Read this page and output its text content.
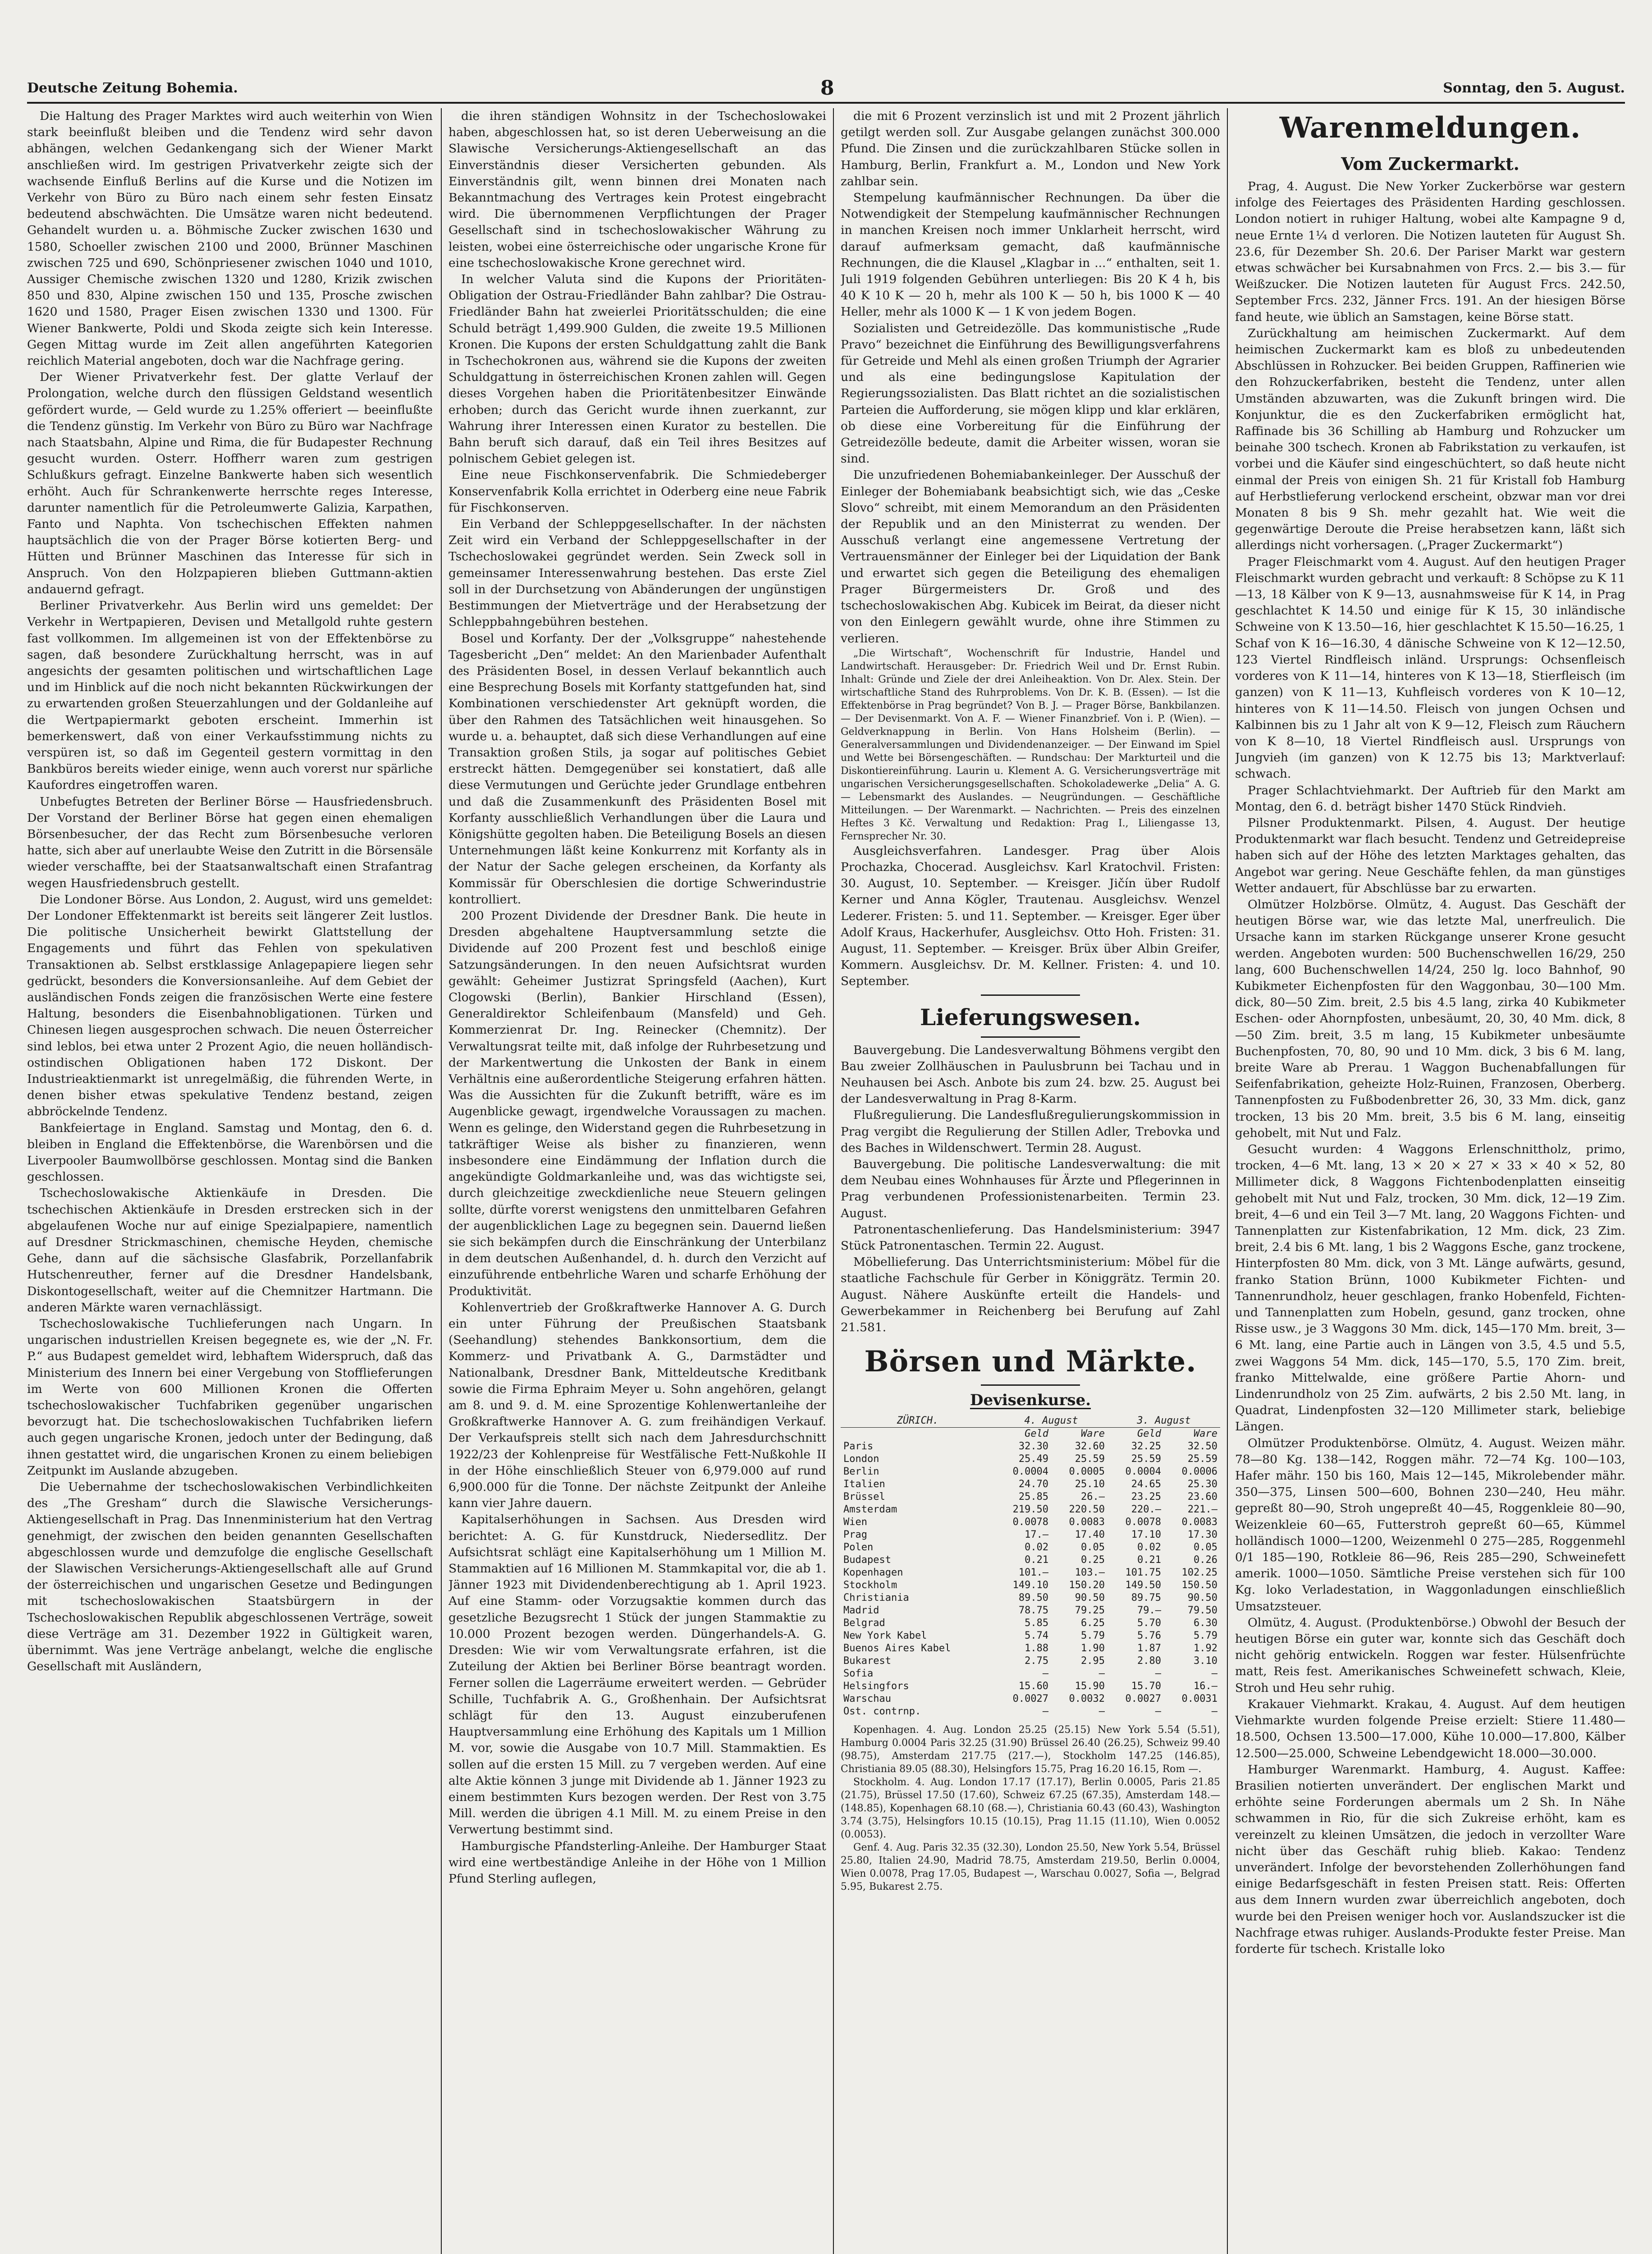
Deutsche Zeitung Bohemia.	8	Sonntag, den 5. August.

Die Haltung des Prager Marktes wird auch weiterhin von Wien stark beeinflußt bleiben und die Tendenz wird sehr davon abhängen, welchen Gedankengang sich der Wiener Markt anschließen wird. Im gestrigen Privatverkehr zeigte sich der wachsende Einfluß Berlins auf die Kurse und die Notizen im Verkehr von Büro zu Büro nach einem sehr festen Einsatz bedeutend abschwächten. Die Umsätze waren nicht bedeutend. Gehandelt wurden u. a. Böhmische Zucker zwischen 1630 und 1580, Schoeller zwischen 2100 und 2000, Brünner Maschinen zwischen 725 und 690, Schönpriesener zwischen 1040 und 1010, Aussiger Chemische zwischen 1320 und 1280, Krizik zwischen 850 und 830, Alpine zwischen 150 und 135, Prosche zwischen 1620 und 1580, Prager Eisen zwischen 1330 und 1300. Für Wiener Bankwerte, Poldi und Skoda zeigte sich kein Interesse. Gegen Mittag wurde im Zeit allen angeführten Kategorien reichlich Material angeboten, doch war die Nachfrage gering.

Der Wiener Privatverkehr fest. Der glatte Verlauf der Prolongation, welche durch den flüssigen Geldstand wesentlich gefördert wurde, — Geld wurde zu 1.25% offeriert — beeinflußte die Tendenz günstig. Im Verkehr von Büro zu Büro war Nachfrage nach Staatsbahn, Alpine und Rima, die für Budapester Rechnung gesucht wurden. Osterr. Hoffherr waren zum gestrigen Schlußkurs gefragt. Einzelne Bankwerte haben sich wesentlich erhöht. Auch für Schrankenwerte herrschte reges Interesse, darunter namentlich für die Petroleumwerte Galizia, Karpathen, Fanto und Naphta. Von tschechischen Effekten nahmen hauptsächlich die von der Prager Börse kotierten Berg- und Hütten und Brünner Maschinen das Interesse für sich in Anspruch. Von den Holzpapieren blieben Guttmann-aktien andauernd gefragt.

Berliner Privatverkehr. Aus Berlin wird uns gemeldet: Der Verkehr in Wertpapieren, Devisen und Metallgold ruhte gestern fast vollkommen. Im allgemeinen ist von der Effektenbörse zu sagen, daß besondere Zurückhaltung herrscht, was in auf angesichts der gesamten politischen und wirtschaftlichen Lage und im Hinblick auf die noch nicht bekannten Rückwirkungen der zu erwartenden großen Steuerzahlungen und der Goldanleihe auf die Wertpapiermarkt geboten erscheint. Immerhin ist bemerkenswert, daß von einer Verkaufsstimmung nichts zu verspüren ist, so daß im Gegenteil gestern vormittag in den Bankbüros bereits wieder einige, wenn auch vorerst nur spärliche Kaufordres eingetroffen waren.

Unbefugtes Betreten der Berliner Börse — Hausfriedensbruch. Der Vorstand der Berliner Börse hat gegen einen ehemaligen Börsenbesucher, der das Recht zum Börsenbesuche verloren hatte, sich aber auf unerlaubte Weise den Zutritt in die Börsensäle wieder verschaffte, bei der Staatsanwaltschaft einen Strafantrag wegen Hausfriedensbruch gestellt.

Die Londoner Börse. Aus London, 2. August, wird uns gemeldet: Der Londoner Effektenmarkt ist bereits seit längerer Zeit lustlos. Die politische Unsicherheit bewirkt Glattstellung der Engagements und führt das Fehlen von spekulativen Transaktionen ab. Selbst erstklassige Anlagepapiere liegen sehr gedrückt, besonders die Konversionsanleihe. Auf dem Gebiet der ausländischen Fonds zeigen die französischen Werte eine festere Haltung, besonders die Eisenbahnobligationen. Türken und Chinesen liegen ausgesprochen schwach. Die neuen Österreicher sind leblos, bei etwa unter 2 Prozent Agio, die neuen holländisch-ostindischen Obligationen haben 172 Diskont. Der Industrieaktienmarkt ist unregelmäßig, die führenden Werte, in denen bisher etwas spekulative Tendenz bestand, zeigen abbröckelnde Tendenz.

Bankfeiertage in England. Samstag und Montag, den 6. d. bleiben in England die Effektenbörse, die Warenbörsen und die Liverpooler Baumwollbörse geschlossen. Montag sind die Banken geschlossen.

Tschechoslowakische Aktienkäufe in Dresden. Die tschechischen Aktienkäufe in Dresden erstrecken sich in der abgelaufenen Woche nur auf einige Spezialpapiere, namentlich auf Dresdner Strickmaschinen, chemische Heyden, chemische Gehe, dann auf die sächsische Glasfabrik, Porzellanfabrik Hutschenreuther, ferner auf die Dresdner Handelsbank, Diskontogesellschaft, weiter auf die Chemnitzer Hartmann. Die anderen Märkte waren vernachlässigt.

Tschechoslowakische Tuchlieferungen nach Ungarn. In ungarischen industriellen Kreisen begegnete es, wie der „N. Fr. P.“ aus Budapest gemeldet wird, lebhaftem Widerspruch, daß das Ministerium des Innern bei einer Vergebung von Stofflieferungen im Werte von 600 Millionen Kronen die Offerten tschechoslowakischer Tuchfabriken gegenüber ungarischen bevorzugt hat. Die tschechoslowakischen Tuchfabriken liefern auch gegen ungarische Kronen, jedoch unter der Bedingung, daß ihnen gestattet wird, die ungarischen Kronen zu einem beliebigen Zeitpunkt im Auslande abzugeben.

Die Uebernahme der tschechoslowakischen Verbindlichkeiten des „The Gresham“ durch die Slawische Versicherungs-Aktiengesellschaft in Prag. Das Innenministerium hat den Vertrag genehmigt, der zwischen den beiden genannten Gesellschaften abgeschlossen wurde und demzufolge die englische Gesellschaft der Slawischen Versicherungs-Aktiengesellschaft alle auf Grund der österreichischen und ungarischen Gesetze und Bedingungen mit tschechoslowakischen Staatsbürgern in der Tschechoslowakischen Republik abgeschlossenen Verträge, soweit diese Verträge am 31. Dezember 1922 in Gültigkeit waren, übernimmt. Was jene Verträge anbelangt, welche die englische Gesellschaft mit Ausländern,

die ihren ständigen Wohnsitz in der Tschechoslowakei haben, abgeschlossen hat, so ist deren Ueberweisung an die Slawische Versicherungs-Aktiengesellschaft an das Einverständnis dieser Versicherten gebunden. Als Einverständnis gilt, wenn binnen drei Monaten nach Bekanntmachung des Vertrages kein Protest eingebracht wird. Die übernommenen Verpflichtungen der Prager Gesellschaft sind in tschechoslowakischer Währung zu leisten, wobei eine österreichische oder ungarische Krone für eine tschechoslowakische Krone gerechnet wird.

In welcher Valuta sind die Kupons der Prioritäten-Obligation der Ostrau-Friedländer Bahn zahlbar? Die Ostrau-Friedländer Bahn hat zweierlei Prioritätsschulden; die eine Schuld beträgt 1,499.900 Gulden, die zweite 19.5 Millionen Kronen. Die Kupons der ersten Schuldgattung zahlt die Bank in Tschechokronen aus, während sie die Kupons der zweiten Schuldgattung in österreichischen Kronen zahlen will. Gegen dieses Vorgehen haben die Prioritätenbesitzer Einwände erhoben; durch das Gericht wurde ihnen zuerkannt, zur Wahrung ihrer Interessen einen Kurator zu bestellen. Die Bahn beruft sich darauf, daß ein Teil ihres Besitzes auf polnischem Gebiet gelegen ist.

Eine neue Fischkonservenfabrik. Die Schmiedeberger Konservenfabrik Kolla errichtet in Oderberg eine neue Fabrik für Fischkonserven.

Ein Verband der Schleppgesellschafter. In der nächsten Zeit wird ein Verband der Schleppgesellschafter in der Tschechoslowakei gegründet werden. Sein Zweck soll in gemeinsamer Interessenwahrung bestehen. Das erste Ziel soll in der Durchsetzung von Abänderungen der ungünstigen Bestimmungen der Mietverträge und der Herabsetzung der Schleppbahngebühren bestehen.

Bosel und Korfanty. Der der „Volksgruppe“ nahestehende Tagesbericht „Den“ meldet: An den Marienbader Aufenthalt des Präsidenten Bosel, in dessen Verlauf bekanntlich auch eine Besprechung Bosels mit Korfanty stattgefunden hat, sind Kombinationen verschiedenster Art geknüpft worden, die über den Rahmen des Tatsächlichen weit hinausgehen. So wurde u. a. behauptet, daß sich diese Verhandlungen auf eine Transaktion großen Stils, ja sogar auf politisches Gebiet erstreckt hätten. Demgegenüber sei konstatiert, daß alle diese Vermutungen und Gerüchte jeder Grundlage entbehren und daß die Zusammenkunft des Präsidenten Bosel mit Korfanty ausschließlich Verhandlungen über die Laura und Königshütte gegolten haben. Die Beteiligung Bosels an diesen Unternehmungen läßt keine Konkurrenz mit Korfanty als in der Natur der Sache gelegen erscheinen, da Korfanty als Kommissär für Oberschlesien die dortige Schwerindustrie kontrolliert.

200 Prozent Dividende der Dresdner Bank. Die heute in Dresden abgehaltene Hauptversammlung setzte die Dividende auf 200 Prozent fest und beschloß einige Satzungsänderungen. In den neuen Aufsichtsrat wurden gewählt: Geheimer Justizrat Springsfeld (Aachen), Kurt Clogowski (Berlin), Bankier Hirschland (Essen), Generaldirektor Schleifenbaum (Mansfeld) und Geh. Kommerzienrat Dr. Ing. Reinecker (Chemnitz). Der Verwaltungsrat teilte mit, daß infolge der Ruhrbesetzung und der Markentwertung die Unkosten der Bank in einem Verhältnis eine außerordentliche Steigerung erfahren hätten. Was die Aussichten für die Zukunft betrifft, wäre es im Augenblicke gewagt, irgendwelche Voraussagen zu machen. Wenn es gelinge, den Widerstand gegen die Ruhrbesetzung in tatkräftiger Weise als bisher zu finanzieren, wenn insbesondere eine Eindämmung der Inflation durch die angekündigte Goldmarkanleihe und, was das wichtigste sei, durch gleichzeitige zweckdienliche neue Steuern gelingen sollte, dürfte vorerst wenigstens den unmittelbaren Gefahren der augenblicklichen Lage zu begegnen sein. Dauernd ließen sie sich bekämpfen durch die Einschränkung der Unterbilanz in dem deutschen Außenhandel, d. h. durch den Verzicht auf einzuführende entbehrliche Waren und scharfe Erhöhung der Produktivität.

Kohlenvertrieb der Großkraftwerke Hannover A. G. Durch ein unter Führung der Preußischen Staatsbank (Seehandlung) stehendes Bankkonsortium, dem die Kommerz- und Privatbank A. G., Darmstädter und Nationalbank, Dresdner Bank, Mitteldeutsche Kreditbank sowie die Firma Ephraim Meyer u. Sohn angehören, gelangt am 8. und 9. d. M. eine Sprozentige Kohlenwertanleihe der Großkraftwerke Hannover A. G. zum freihändigen Verkauf. Der Verkaufspreis stellt sich nach dem Jahresdurchschnitt 1922/23 der Kohlenpreise für Westfälische Fett-Nußkohle II in der Höhe einschließlich Steuer von 6,979.000 auf rund 6,900.000 für die Tonne. Der nächste Zeitpunkt der Anleihe kann vier Jahre dauern.

Kapitalserhöhungen in Sachsen. Aus Dresden wird berichtet: A. G. für Kunstdruck, Niedersedlitz. Der Aufsichtsrat schlägt eine Kapitalserhöhung um 1 Million M. Stammaktien auf 16 Millionen M. Stammkapital vor, die ab 1. Jänner 1923 mit Dividendenberechtigung ab 1. April 1923. Auf eine Stamm- oder Vorzugsaktie kommen durch das gesetzliche Bezugsrecht 1 Stück der jungen Stammaktie zu 10.000 Prozent bezogen werden. Düngerhandels-A. G. Dresden: Wie wir vom Verwaltungsrate erfahren, ist die Zuteilung der Aktien bei Berliner Börse beantragt worden. Ferner sollen die Lagerräume erweitert werden. — Gebrüder Schille, Tuchfabrik A. G., Großhenhain. Der Aufsichtsrat schlägt für den 13. August einzuberufenen Hauptversammlung eine Erhöhung des Kapitals um 1 Million M. vor, sowie die Ausgabe von 10.7 Mill. Stammaktien. Es sollen auf die ersten 15 Mill. zu 7 vergeben werden. Auf eine alte Aktie können 3 junge mit Dividende ab 1. Jänner 1923 zu einem bestimmten Kurs bezogen werden. Der Rest von 3.75 Mill. werden die übrigen 4.1 Mill. M. zu einem Preise in den Verwertung bestimmt sind.

Hamburgische Pfandsterling-Anleihe. Der Hamburger Staat wird eine wertbeständige Anleihe in der Höhe von 1 Million Pfund Sterling auflegen,

die mit 6 Prozent verzinslich ist und mit 2 Prozent jährlich getilgt werden soll. Zur Ausgabe gelangen zunächst 300.000 Pfund. Die Zinsen und die zurückzahlbaren Stücke sollen in Hamburg, Berlin, Frankfurt a. M., London und New York zahlbar sein.

Stempelung kaufmännischer Rechnungen. Da über die Notwendigkeit der Stempelung kaufmännischer Rechnungen in manchen Kreisen noch immer Unklarheit herrscht, wird darauf aufmerksam gemacht, daß kaufmännische Rechnungen, die die Klausel „Klagbar in ...“ enthalten, seit 1. Juli 1919 folgenden Gebühren unterliegen: Bis 20 K 4 h, bis 40 K 10 K — 20 h, mehr als 100 K — 50 h, bis 1000 K — 40 Heller, mehr als 1000 K — 1 K von jedem Bogen.

Sozialisten und Getreidezölle. Das kommunistische „Rude Pravo“ bezeichnet die Einführung des Bewilligungsverfahrens für Getreide und Mehl als einen großen Triumph der Agrarier und als eine bedingungslose Kapitulation der Regierungssozialisten. Das Blatt richtet an die sozialistischen Parteien die Aufforderung, sie mögen klipp und klar erklären, ob diese eine Vorbereitung für die Einführung der Getreidezölle bedeute, damit die Arbeiter wissen, woran sie sind.

Die unzufriedenen Bohemiabankeinleger. Der Ausschuß der Einleger der Bohemiabank beabsichtigt sich, wie das „Ceske Slovo“ schreibt, mit einem Memorandum an den Präsidenten der Republik und an den Ministerrat zu wenden. Der Ausschuß verlangt eine angemessene Vertretung der Vertrauensmänner der Einleger bei der Liquidation der Bank und erwartet sich gegen die Beteiligung des ehemaligen Prager Bürgermeisters Dr. Groß und des tschechoslowakischen Abg. Kubicek im Beirat, da dieser nicht von den Einlegern gewählt wurde, ohne ihre Stimmen zu verlieren.

„Die Wirtschaft“, Wochenschrift für Industrie, Handel und Landwirtschaft. Herausgeber: Dr. Friedrich Weil und Dr. Ernst Rubin. Inhalt: Gründe und Ziele der drei Anleiheaktion. Von Dr. Alex. Stein. Der wirtschaftliche Stand des Ruhrproblems. Von Dr. K. B. (Essen). — Ist die Effektenbörse in Prag begründet? Von B. J. — Prager Börse, Bankbilanzen. — Der Devisenmarkt. Von A. F. — Wiener Finanzbrief. Von i. P. (Wien). — Geldverknappung in Berlin. Von Hans Holsheim (Berlin). — Generalversammlungen und Dividendenanzeiger. — Der Einwand im Spiel und Wette bei Börsengeschäften. — Rundschau: Der Markturteil und die Diskontiereinführung. Laurin u. Klement A. G. Versicherungsverträge mit ungarischen Versicherungsgesellschaften. Schokoladewerke „Delia“ A. G. — Lebensmarkt des Auslandes. — Neugründungen. — Geschäftliche Mitteilungen. — Der Warenmarkt. — Nachrichten. — Preis des einzelnen Heftes 3 Kč. Verwaltung und Redaktion: Prag I., Liliengasse 13, Fernsprecher Nr. 30.

Ausgleichsverfahren. Landesger. Prag über Alois Prochazka, Chocerad. Ausgleichsv. Karl Kratochvil. Fristen: 30. August, 10. September. — Kreisger. Jičín über Rudolf Kerner und Anna Kögler, Trautenau. Ausgleichsv. Wenzel Lederer. Fristen: 5. und 11. September. — Kreisger. Eger über Adolf Kraus, Hackerhufer, Ausgleichsv. Otto Hoh. Fristen: 31. August, 11. September. — Kreisger. Brüx über Albin Greifer, Kommern. Ausgleichsv. Dr. M. Kellner. Fristen: 4. und 10. September.

Lieferungswesen.

Bauvergebung. Die Landesverwaltung Böhmens vergibt den Bau zweier Zollhäuschen in Paulusbrunn bei Tachau und in Neuhausen bei Asch. Anbote bis zum 24. bzw. 25. August bei der Landesverwaltung in Prag 8-Karm.

Flußregulierung. Die Landesflußregulierungskommission in Prag vergibt die Regulierung der Stillen Adler, Trebovka und des Baches in Wildenschwert. Termin 28. August.

Bauvergebung. Die politische Landesverwaltung: die mit dem Neubau eines Wohnhauses für Ärzte und Pflegerinnen in Prag verbundenen Professionistenarbeiten. Termin 23. August.

Patronentaschenlieferung. Das Handelsministerium: 3947 Stück Patronentaschen. Termin 22. August.

Möbellieferung. Das Unterrichtsministerium: Möbel für die staatliche Fachschule für Gerber in Königgrätz. Termin 20. August. Nähere Auskünfte erteilt die Handels- und Gewerbekammer in Reichenberg bei Berufung auf Zahl 21.581.

Börsen und Märkte.
Devisenkurse.
ZÜRICH.	4. August		3. August	
	Geld	Ware	Geld	Ware
Paris	32.30	32.60	32.25	32.50
London	25.49	25.59	25.59	25.59
Berlin	0.0004	0.0005	0.0004	0.0006
Italien	24.70	25.10	24.65	25.30
Brüssel	25.85	26.—	23.25	23.60
Amsterdam	219.50	220.50	220.—	221.—
Wien	0.0078	0.0083	0.0078	0.0083
Prag	17.—	17.40	17.10	17.30
Polen	0.02	0.05	0.02	0.05
Budapest	0.21	0.25	0.21	0.26
Kopenhagen	101.—	103.—	101.75	102.25
Stockholm	149.10	150.20	149.50	150.50
Christiania	89.50	90.50	89.75	90.50
Madrid	78.75	79.25	79.—	79.50
Belgrad	5.85	6.25	5.70	6.30
New York Kabel	5.74	5.79	5.76	5.79
Buenos Aires Kabel	1.88	1.90	1.87	1.92
Bukarest	2.75	2.95	2.80	3.10
Sofia	—	—	—	—
Helsingfors	15.60	15.90	15.70	16.—
Warschau	0.0027	0.0032	0.0027	0.0031
Ost. contrnp.	—	—	—	—

Kopenhagen. 4. Aug. London 25.25 (25.15) New York 5.54 (5.51), Hamburg 0.0004 Paris 32.25 (31.90) Brüssel 26.40 (26.25), Schweiz 99.40 (98.75), Amsterdam 217.75 (217.—), Stockholm 147.25 (146.85), Christiania 89.05 (88.30), Helsingfors 15.75, Prag 16.20 16.15, Rom —.

Stockholm. 4. Aug. London 17.17 (17.17), Berlin 0.0005, Paris 21.85 (21.75), Brüssel 17.50 (17.60), Schweiz 67.25 (67.35), Amsterdam 148.— (148.85), Kopenhagen 68.10 (68.—), Christiania 60.43 (60.43), Washington 3.74 (3.75), Helsingfors 10.15 (10.15), Prag 11.15 (11.10), Wien 0.0052 (0.0053).

Genf. 4. Aug. Paris 32.35 (32.30), London 25.50, New York 5.54, Brüssel 25.80, Italien 24.90, Madrid 78.75, Amsterdam 219.50, Berlin 0.0004, Wien 0.0078, Prag 17.05, Budapest —, Warschau 0.0027, Sofia —, Belgrad 5.95, Bukarest 2.75.

Warenmeldungen.
Vom Zuckermarkt.

Prag, 4. August. Die New Yorker Zuckerbörse war gestern infolge des Feiertages des Präsidenten Harding geschlossen. London notiert in ruhiger Haltung, wobei alte Kampagne 9 d, neue Ernte 1¼ d verloren. Die Notizen lauteten für August Sh. 23.6, für Dezember Sh. 20.6. Der Pariser Markt war gestern etwas schwächer bei Kursabnahmen von Frcs. 2.— bis 3.— für Weißzucker. Die Notizen lauteten für August Frcs. 242.50, September Frcs. 232, Jänner Frcs. 191. An der hiesigen Börse fand heute, wie üblich an Samstagen, keine Börse statt.

Zurückhaltung am heimischen Zuckermarkt. Auf dem heimischen Zuckermarkt kam es bloß zu unbedeutenden Abschlüssen in Rohzucker. Bei beiden Gruppen, Raffinerien wie den Rohzuckerfabriken, besteht die Tendenz, unter allen Umständen abzuwarten, was die Zukunft bringen wird. Die Konjunktur, die es den Zuckerfabriken ermöglicht hat, Raffinade bis 36 Schilling ab Hamburg und Rohzucker um beinahe 300 tschech. Kronen ab Fabrikstation zu verkaufen, ist vorbei und die Käufer sind eingeschüchtert, so daß heute nicht einmal der Preis von einigen Sh. 21 für Kristall fob Hamburg auf Herbstlieferung verlockend erscheint, obzwar man vor drei Monaten 8 bis 9 Sh. mehr gezahlt hat. Wie weit die gegenwärtige Deroute die Preise herabsetzen kann, läßt sich allerdings nicht vorhersagen. („Prager Zuckermarkt“)

Prager Fleischmarkt vom 4. August. Auf den heutigen Prager Fleischmarkt wurden gebracht und verkauft: 8 Schöpse zu K 11—13, 18 Kälber von K 9—13, ausnahmsweise für K 14, in Prag geschlachtet K 14.50 und einige für K 15, 30 inländische Schweine von K 13.50—16, hier geschlachtet K 15.50—16.25, 1 Schaf von K 16—16.30, 4 dänische Schweine von K 12—12.50, 123 Viertel Rindfleisch inländ. Ursprungs: Ochsenfleisch vorderes von K 11—14, hinteres von K 13—18, Stierfleisch (im ganzen) von K 11—13, Kuhfleisch vorderes von K 10—12, hinteres von K 11—14.50. Fleisch von jungen Ochsen und Kalbinnen bis zu 1 Jahr alt von K 9—12, Fleisch zum Räuchern von K 8—10, 18 Viertel Rindfleisch ausl. Ursprungs von Jungvieh (im ganzen) von K 12.75 bis 13; Marktverlauf: schwach.

Prager Schlachtviehmarkt. Der Auftrieb für den Markt am Montag, den 6. d. beträgt bisher 1470 Stück Rindvieh.

Pilsner Produktenmarkt. Pilsen, 4. August. Der heutige Produktenmarkt war flach besucht. Tendenz und Getreidepreise haben sich auf der Höhe des letzten Marktages gehalten, das Angebot war gering. Neue Geschäfte fehlen, da man günstiges Wetter andauert, für Abschlüsse bar zu erwarten.

Olmützer Holzbörse. Olmütz, 4. August. Das Geschäft der heutigen Börse war, wie das letzte Mal, unerfreulich. Die Ursache kann im starken Rückgange unserer Krone gesucht werden. Angeboten wurden: 500 Buchenschwellen 16/29, 250 lang, 600 Buchenschwellen 14/24, 250 lg. loco Bahnhof, 90 Kubikmeter Eichenpfosten für den Waggonbau, 30—100 Mm. dick, 80—50 Zim. breit, 2.5 bis 4.5 lang, zirka 40 Kubikmeter Eschen- oder Ahornpfosten, unbesäumt, 20, 30, 40 Mm. dick, 8—50 Zim. breit, 3.5 m lang, 15 Kubikmeter unbesäumte Buchenpfosten, 70, 80, 90 und 10 Mm. dick, 3 bis 6 M. lang, breite Ware ab Prerau. 1 Waggon Buchenabfallungen für Seifenfabrikation, geheizte Holz-Ruinen, Franzosen, Oberberg. Tannenpfosten zu Fußbodenbretter 26, 30, 33 Mm. dick, ganz trocken, 13 bis 20 Mm. breit, 3.5 bis 6 M. lang, einseitig gehobelt, mit Nut und Falz.

Gesucht wurden: 4 Waggons Erlenschnittholz, primo, trocken, 4—6 Mt. lang, 13 × 20 × 27 × 33 × 40 × 52, 80 Millimeter dick, 8 Waggons Fichtenbodenplatten einseitig gehobelt mit Nut und Falz, trocken, 30 Mm. dick, 12—19 Zim. breit, 4—6 und ein Teil 3—7 Mt. lang, 20 Waggons Fichten- und Tannenplatten zur Kistenfabrikation, 12 Mm. dick, 23 Zim. breit, 2.4 bis 6 Mt. lang, 1 bis 2 Waggons Esche, ganz trockene, Hinterpfosten 80 Mm. dick, von 3 Mt. Länge aufwärts, gesund, franko Station Brünn, 1000 Kubikmeter Fichten- und Tannenrundholz, heuer geschlagen, franko Hobenfeld, Fichten- und Tannenplatten zum Hobeln, gesund, ganz trocken, ohne Risse usw., je 3 Waggons 30 Mm. dick, 145—170 Mm. breit, 3—6 Mt. lang, eine Partie auch in Längen von 3.5, 4.5 und 5.5, zwei Waggons 54 Mm. dick, 145—170, 5.5, 170 Zim. breit, franko Mittelwalde, eine größere Partie Ahorn- und Lindenrundholz von 25 Zim. aufwärts, 2 bis 2.50 Mt. lang, in Quadrat, Lindenpfosten 32—120 Millimeter stark, beliebige Längen.

Olmützer Produktenbörse. Olmütz, 4. August. Weizen mähr. 78—80 Kg. 138—142, Roggen mähr. 72—74 Kg. 100—103, Hafer mähr. 150 bis 160, Mais 12—145, Mikrolebender mähr. 350—375, Linsen 500—600, Bohnen 230—240, Heu mähr. gepreßt 80—90, Stroh ungepreßt 40—45, Roggenkleie 80—90, Weizenkleie 60—65, Futterstroh gepreßt 60—65, Kümmel holländisch 1000—1200, Weizenmehl 0 275—285, Roggenmehl 0/1 185—190, Rotkleie 86—96, Reis 285—290, Schweinefett amerik. 1000—1050. Sämtliche Preise verstehen sich für 100 Kg. loko Verladestation, in Waggonladungen einschließlich Umsatzsteuer.

Olmütz, 4. August. (Produktenbörse.) Obwohl der Besuch der heutigen Börse ein guter war, konnte sich das Geschäft doch nicht gehörig entwickeln. Roggen war fester. Hülsenfrüchte matt, Reis fest. Amerikanisches Schweinefett schwach, Kleie, Stroh und Heu sehr ruhig.

Krakauer Viehmarkt. Krakau, 4. August. Auf dem heutigen Viehmarkte wurden folgende Preise erzielt: Stiere 11.480—18.500, Ochsen 13.500—17.000, Kühe 10.000—17.800, Kälber 12.500—25.000, Schweine Lebendgewicht 18.000—30.000.

Hamburger Warenmarkt. Hamburg, 4. August. Kaffee: Brasilien notierten unverändert. Der englischen Markt und erhöhte seine Forderungen abermals um 2 Sh. In Nähe schwammen in Rio, für die sich Zukreise erhöht, kam es vereinzelt zu kleinen Umsätzen, die jedoch in verzollter Ware nicht über das Geschäft ruhig blieb. Kakao: Tendenz unverändert. Infolge der bevorstehenden Zollerhöhungen fand einige Bedarfsgeschäft in festen Preisen statt. Reis: Offerten aus dem Innern wurden zwar überreichlich angeboten, doch wurde bei den Preisen weniger hoch vor. Auslandszucker ist die Nachfrage etwas ruhiger. Auslands-Produkte fester Preise. Man forderte für tschech. Kristalle loko
